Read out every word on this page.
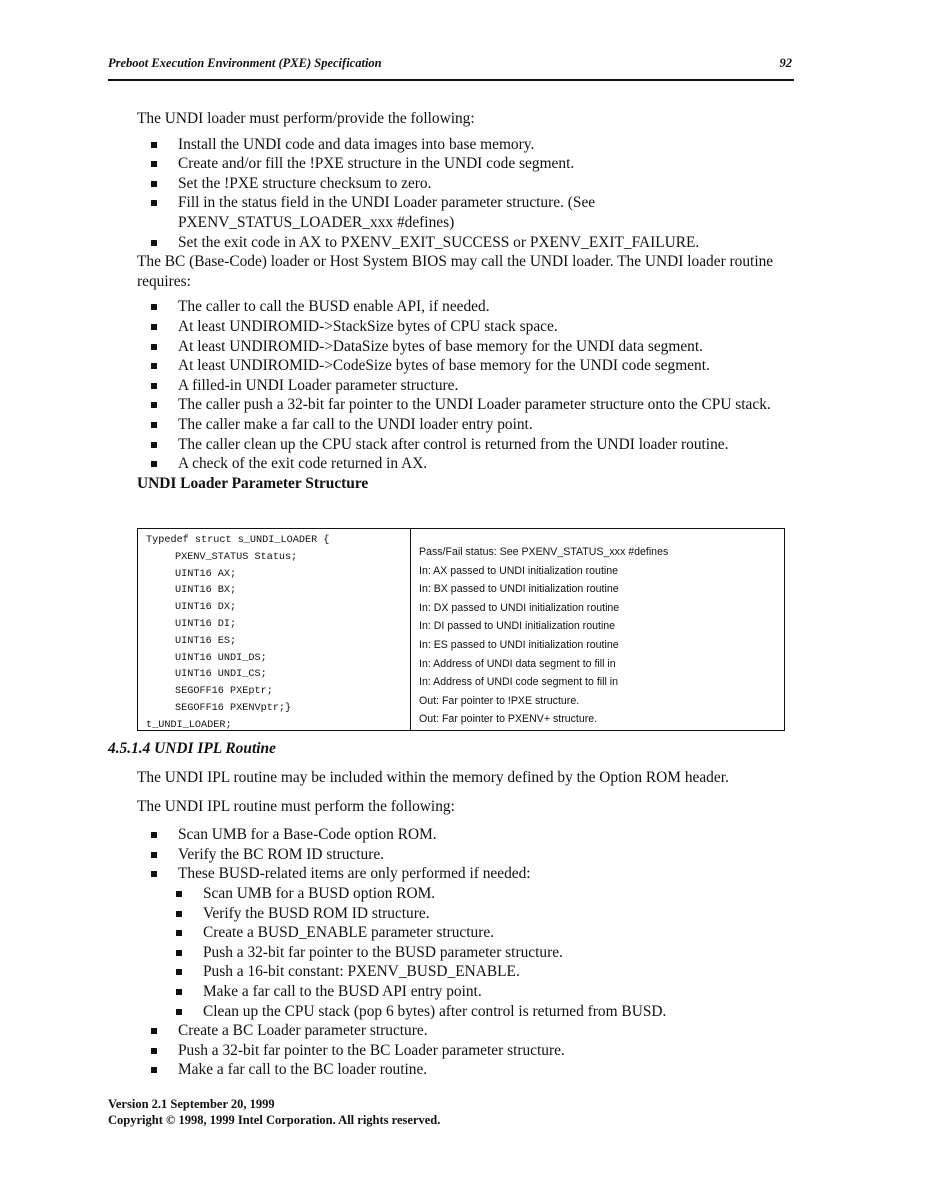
Preboot Execution Environment (PXE) Specification	92

The UNDI loader must perform/provide the following:

Install the UNDI code and data images into base memory.
Create and/or fill the !PXE structure in the UNDI code segment.
Set the !PXE structure checksum to zero.
Fill in the status field in the UNDI Loader parameter structure. (See PXENV_STATUS_LOADER_xxx #defines)
Set the exit code in AX to PXENV_EXIT_SUCCESS or PXENV_EXIT_FAILURE.

The BC (Base-Code) loader or Host System BIOS may call the UNDI loader. The UNDI loader routine requires:

The caller to call the BUSD enable API, if needed.
At least UNDIROMID->StackSize bytes of CPU stack space.
At least UNDIROMID->DataSize bytes of base memory for the UNDI data segment.
At least UNDIROMID->CodeSize bytes of base memory for the UNDI code segment.
A filled-in UNDI Loader parameter structure.
The caller push a 32-bit far pointer to the UNDI Loader parameter structure onto the CPU stack.
The caller make a far call to the UNDI loader entry point.
The caller clean up the CPU stack after control is returned from the UNDI loader routine.
A check of the exit code returned in AX.

UNDI Loader Parameter Structure

Typedef struct s_UNDI_LOADER {
PXENV_STATUS Status;
UINT16 AX;
UINT16 BX;
UINT16 DX;
UINT16 DI;
UINT16 ES;
UINT16 UNDI_DS;
UINT16 UNDI_CS;
SEGOFF16 PXEptr;
SEGOFF16 PXENVptr;}
t_UNDI_LOADER;
Pass/Fail status: See PXENV_STATUS_xxx #defines
In: AX passed to UNDI initialization routine
In: BX passed to UNDI initialization routine
In: DX passed to UNDI initialization routine
In: DI passed to UNDI initialization routine
In: ES passed to UNDI initialization routine
In: Address of UNDI data segment to fill in
In: Address of UNDI code segment to fill in
Out: Far pointer to !PXE structure.
Out: Far pointer to PXENV+ structure.
4.5.1.4 UNDI IPL Routine

The UNDI IPL routine may be included within the memory defined by the Option ROM header.

The UNDI IPL routine must perform the following:

Scan UMB for a Base-Code option ROM.
Verify the BC ROM ID structure.
These BUSD-related items are only performed if needed:
Scan UMB for a BUSD option ROM.
Verify the BUSD ROM ID structure.
Create a BUSD_ENABLE parameter structure.
Push a 32-bit far pointer to the BUSD parameter structure.
Push a 16-bit constant: PXENV_BUSD_ENABLE.
Make a far call to the BUSD API entry point.
Clean up the CPU stack (pop 6 bytes) after control is returned from BUSD.
Create a BC Loader parameter structure.
Push a 32-bit far pointer to the BC Loader parameter structure.
Make a far call to the BC loader routine.
Version 2.1 September 20, 1999
Copyright © 1998, 1999 Intel Corporation. All rights reserved.
